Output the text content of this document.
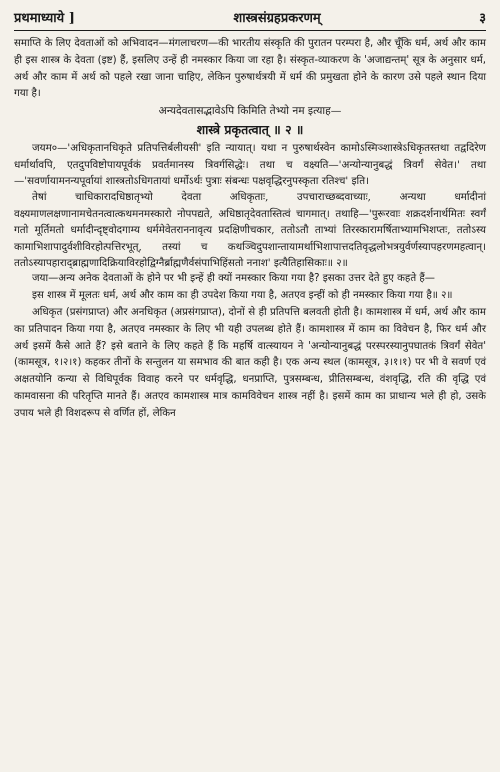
प्रथमाध्याये ]	शास्त्रसंग्रहप्रकरणम्	३

समाप्ति के लिए देवताओं को अभिवादन—मंगलाचरण—की भारतीय संस्कृति की पुरातन परम्परा है, और चूँकि धर्म, अर्थ और काम ही इस शास्त्र के देवता (इष्ट) हैं, इसलिए उन्हें ही नमस्कार किया जा रहा है। संस्कृत-व्याकरण के 'अजाद्यन्तम्' सूत्र के अनुसार धर्म, अर्थ और काम में अर्थ को पहले रखा जाना चाहिए, लेकिन पुरुषार्थत्रयी में धर्म की प्रमुखता होने के कारण उसे पहले स्थान दिया गया है।

अन्यदेवतासद्भावेऽपि किमिति तेभ्यो नम इत्याह—

शास्त्रे प्रकृतत्वात् ॥ २ ॥

जयम०—'अधिकृतानधिकृते प्रतिपत्तिर्बलीयसी' इति न्यायात्। यथा न पुरुषार्थस्वेन कामोऽस्मिञ्शास्त्रेऽधिकृतस्तथा तद्वदिरेण धर्मार्थावपि, एतदुपविष्टोपायपूर्वकं प्रवर्तमानस्य त्रिवर्गसिद्धेः। तथा च वक्ष्यति—'अन्योन्यानुबद्धं त्रिवर्गं सेवेत।' तथा—'सवर्णायामनन्यपूर्वायां शास्त्रतोऽधिगतायां धर्मोऽर्थः पुत्राः संबन्धः पक्षवृद्धिरनुपस्कृता रतिश्च' इति।

तेषां चाधिकारादधिष्ठातृभ्यो देवता अधिकृताः, उपचाराच्छब्दवाच्याः, अन्यथा धर्मादीनां वक्ष्यमाणलक्षणानामचेतनत्वात्कथमनमस्कारो नोपपद्यते, अधिष्ठातृदेवतास्तित्वं चागमात्। तथाहि—'पुरूरवाः शक्रदर्शनार्थमितः स्वर्गं गतो मूर्तिमतो धर्मादीन्दृष्ट्वोदगाम्य धर्ममेवेतराननावृत्य प्रदक्षिणीचकार, ततोऽतौ ताभ्यां तिरस्कारामर्षिताभ्यामभिशप्तः, ततोऽस्य कामाभिशापादुर्वशीविरहोत्पत्तिरभूत्, तस्यां च कथञ्चिदुपशान्तायामर्थाभिशापात्तदतिवृद्धलोभत्रयुर्वर्णस्यापहरणमहत्वान्। ततोऽस्यापहाराद्ब्राह्मणादिक्रियाविरहोद्विग्नैर्ब्राह्मणैर्वसंपाभिहिंसतो ननाश' इत्यैतिहासिकाः॥ २॥

जया—अन्य अनेक देवताओं के होने पर भी इन्हें ही क्यों नमस्कार किया गया है? इसका उत्तर देते हुए कहते हैं—

इस शास्त्र में मूलतः धर्म, अर्थ और काम का ही उपदेश किया गया है, अतएव इन्हीं को ही नमस्कार किया गया है॥ २॥

अधिकृत (प्रसंगप्राप्त) और अनधिकृत (अप्रसंगप्राप्त), दोनों से ही प्रतिपत्ति बलवती होती है। कामशास्त्र में धर्म, अर्थ और काम का प्रतिपादन किया गया है, अतएव नमस्कार के लिए भी यही उपलब्ध होते हैं। कामशास्त्र में काम का विवेचन है, फिर धर्म और अर्थ इसमें कैसे आते हैं? इसे बताने के लिए कहते हैं कि महर्षि वात्स्यायन ने 'अन्योन्यानुबद्धं परस्परस्यानुपघातकं त्रिवर्गं सेवेत' (कामसूत्र, १।२।१) कहकर तीनों के सन्तुलन या समभाव की बात कही है। एक अन्य स्थल (कामसूत्र, ३।१।१) पर भी वे सवर्ण एवं अक्षतयोनि कन्या से विधिपूर्वक विवाह करने पर धर्मवृद्धि, धनप्राप्ति, पुत्रसम्बन्ध, प्रीतिसम्बन्ध, वंशवृद्धि, रति की वृद्धि एवं कामवासना की परितृप्ति मानते हैं। अतएव कामशास्त्र मात्र कामविवेचन शास्त्र नहीं है। इसमें काम का प्राधान्य भले ही हो, उसके उपाय भले ही विशदरूप से वर्णित हों, लेकिन
